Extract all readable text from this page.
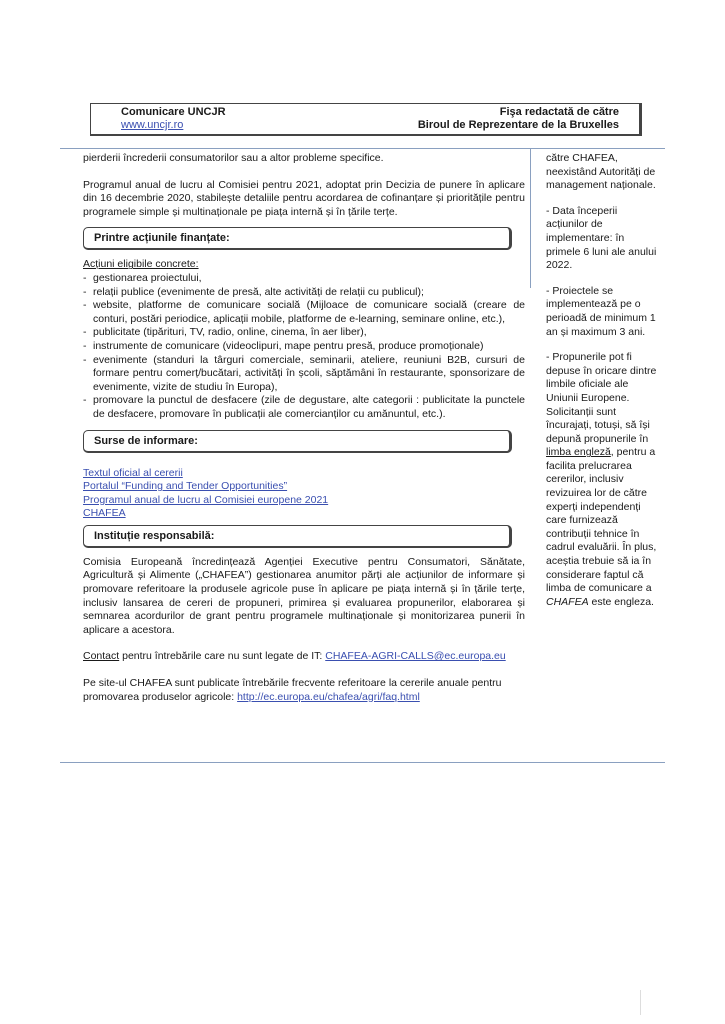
Comunicare UNCJR
www.uncjr.ro
Fişa redactată de către
Biroul de Reprezentare de la Bruxelles

pierderii încrederii consumatorilor sau a altor probleme specifice.

Programul anual de lucru al Comisiei pentru 2021, adoptat prin Decizia de punere în aplicare din 16 decembrie 2020, stabilește detaliile pentru acordarea de cofinanțare și prioritățile pentru programele simple și multinaționale pe piața internă și în țările terțe.

Printre acțiunile finanțate:

Acțiuni eligibile concrete:

- gestionarea proiectului,
- relații publice (evenimente de presă, alte activități de relații cu publicul);
- website, platforme de comunicare socială (Mijloace de comunicare socială (creare de conturi, postări periodice, aplicații mobile, platforme de e-learning, seminare online, etc.),
- publicitate (tipărituri, TV, radio, online, cinema, în aer liber),
- instrumente de comunicare (videoclipuri, mape pentru presă, produce promoționale)
- evenimente (standuri la târguri comerciale, seminarii, ateliere, reuniuni B2B, cursuri de formare pentru comerț/bucătari, activități în școli, săptămâni în restaurante, sponsorizare de evenimente, vizite de studiu în Europa),
- promovare la punctul de desfacere (zile de degustare, alte categorii : publicitate la punctele de desfacere, promovare în publicații ale comercianților cu amănuntul, etc.).
Surse de informare:
Textul oficial al cererii
Portalul “Funding and Tender Opportunities”
Programul anual de lucru al Comisiei europene 2021
CHAFEA
Instituție responsabilă:

Comisia Europeană încredințează Agenției Executive pentru Consumatori, Sănătate, Agricultură și Alimente („CHAFEA”) gestionarea anumitor părți ale acțiunilor de informare și promovare referitoare la produsele agricole puse în aplicare pe piața internă și în țările terțe, inclusiv lansarea de cereri de propuneri, primirea și evaluarea propunerilor, elaborarea și semnarea acordurilor de grant pentru programele multinaționale și monitorizarea punerii în aplicare a acestora.

Contact pentru întrebările care nu sunt legate de IT: CHAFEA-AGRI-CALLS@ec.europa.eu

Pe site-ul CHAFEA sunt publicate întrebările frecvente referitoare la cererile anuale pentru promovarea produselor agricole: http://ec.europa.eu/chafea/agri/faq.html

către CHAFEA, neexistând Autorități de management naționale.

- Data începerii acțiunilor de implementare: în primele 6 luni ale anului 2022.

- Proiectele se implementează pe o perioadă de minimum 1 an și maximum 3 ani.

- Propunerile pot fi depuse în oricare dintre limbile oficiale ale Uniunii Europene. Solicitanții sunt încurajați, totuși, să își depună propunerile în limba engleză, pentru a facilita prelucrarea cererilor, inclusiv revizuirea lor de către experți independenți care furnizează contribuții tehnice în cadrul evaluării. În plus, aceștia trebuie să ia în considerare faptul că limba de comunicare a CHAFEA este engleza.
